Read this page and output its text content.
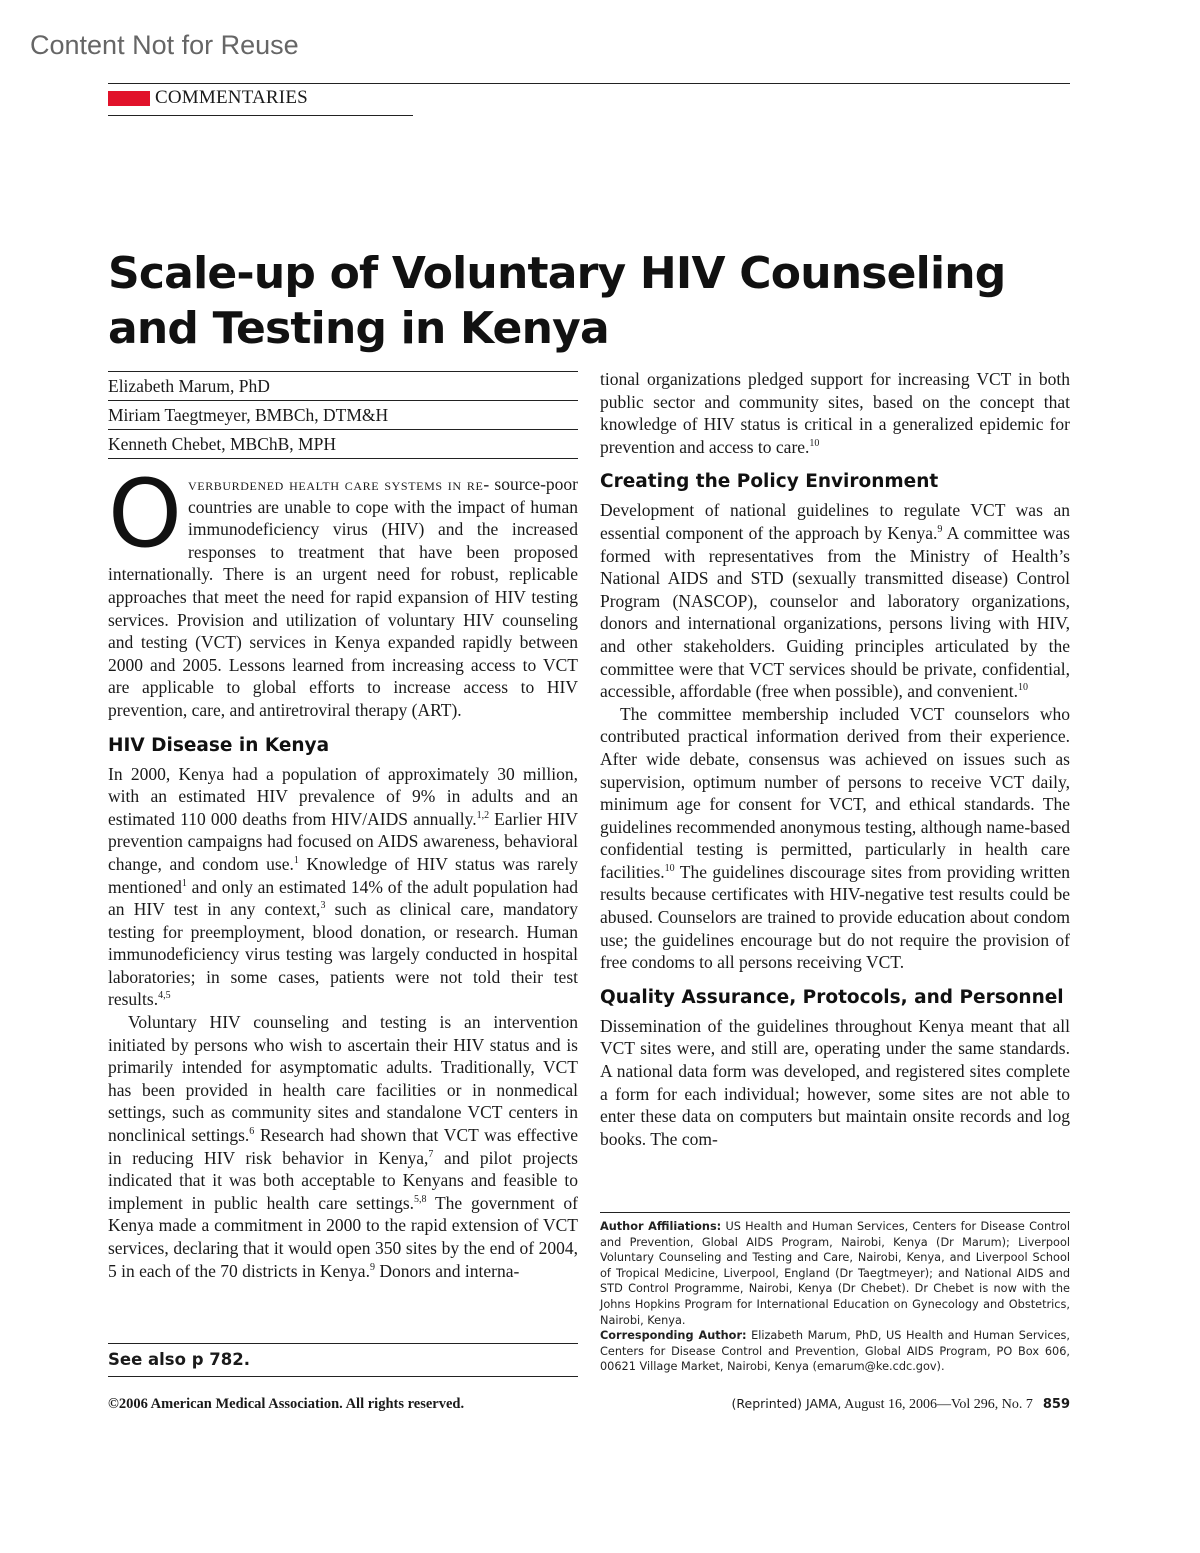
Content Not for Reuse
COMMENTARIES
Scale-up of Voluntary HIV Counseling
and Testing in Kenya
Elizabeth Marum, PhD
Miriam Taegtmeyer, BMBCh, DTM&H
Kenneth Chebet, MBChB, MPH

Overburdened health care systems in re- source-poor countries are unable to cope with the impact of human immunodeficiency virus (HIV) and the increased responses to treatment that have been proposed internationally. There is an urgent need for robust, replicable approaches that meet the need for rapid expansion of HIV testing services. Provision and utilization of voluntary HIV counseling and testing (VCT) services in Kenya expanded rapidly between 2000 and 2005. Lessons learned from increasing access to VCT are applicable to global efforts to increase access to HIV prevention, care, and antiretroviral therapy (ART).

HIV Disease in Kenya

In 2000, Kenya had a population of approximately 30 million, with an estimated HIV prevalence of 9% in adults and an estimated 110 000 deaths from HIV/AIDS annually.$^{1,2}$ Earlier HIV prevention campaigns had focused on AIDS awareness, behavioral change, and condom use.$^1$ Knowledge of HIV status was rarely mentioned$^1$ and only an estimated 14% of the adult population had an HIV test in any context,$^3$ such as clinical care, mandatory testing for preemployment, blood donation, or research. Human immunodeficiency virus testing was largely conducted in hospital laboratories; in some cases, patients were not told their test results.$^{4,5}$

Voluntary HIV counseling and testing is an intervention initiated by persons who wish to ascertain their HIV status and is primarily intended for asymptomatic adults. Traditionally, VCT has been provided in health care facilities or in nonmedical settings, such as community sites and standalone VCT centers in nonclinical settings.$^6$ Research had shown that VCT was effective in reducing HIV risk behavior in Kenya,$^7$ and pilot projects indicated that it was both acceptable to Kenyans and feasible to implement in public health care settings.$^{5,8}$ The government of Kenya made a commitment in 2000 to the rapid extension of VCT services, declaring that it would open 350 sites by the end of 2004, 5 in each of the 70 districts in Kenya.$^9$ Donors and interna-

See also p 782.

tional organizations pledged support for increasing VCT in both public sector and community sites, based on the concept that knowledge of HIV status is critical in a generalized epidemic for prevention and access to care.$^{10}$

Creating the Policy Environment

Development of national guidelines to regulate VCT was an essential component of the approach by Kenya.$^9$ A committee was formed with representatives from the Ministry of Health’s National AIDS and STD (sexually transmitted disease) Control Program (NASCOP), counselor and laboratory organizations, donors and international organizations, persons living with HIV, and other stakeholders. Guiding principles articulated by the committee were that VCT services should be private, confidential, accessible, affordable (free when possible), and convenient.$^{10}$

The committee membership included VCT counselors who contributed practical information derived from their experience. After wide debate, consensus was achieved on issues such as supervision, optimum number of persons to receive VCT daily, minimum age for consent for VCT, and ethical standards. The guidelines recommended anonymous testing, although name-based confidential testing is permitted, particularly in health care facilities.$^{10}$ The guidelines discourage sites from providing written results because certificates with HIV-negative test results could be abused. Counselors are trained to provide education about condom use; the guidelines encourage but do not require the provision of free condoms to all persons receiving VCT.

Quality Assurance, Protocols, and Personnel

Dissemination of the guidelines throughout Kenya meant that all VCT sites were, and still are, operating under the same standards. A national data form was developed, and registered sites complete a form for each individual; however, some sites are not able to enter these data on computers but maintain onsite records and log books. The com-

Author Affiliations: US Health and Human Services, Centers for Disease Control and Prevention, Global AIDS Program, Nairobi, Kenya (Dr Marum); Liverpool Voluntary Counseling and Testing and Care, Nairobi, Kenya, and Liverpool School of Tropical Medicine, Liverpool, England (Dr Taegtmeyer); and National AIDS and STD Control Programme, Nairobi, Kenya (Dr Chebet). Dr Chebet is now with the Johns Hopkins Program for International Education on Gynecology and Obstetrics, Nairobi, Kenya.

Corresponding Author: Elizabeth Marum, PhD, US Health and Human Services, Centers for Disease Control and Prevention, Global AIDS Program, PO Box 606, 00621 Village Market, Nairobi, Kenya (emarum@ke.cdc.gov).

©2006 American Medical Association. All rights reserved.	(Reprinted) JAMA, August 16, 2006—Vol 296, No. 7 859
